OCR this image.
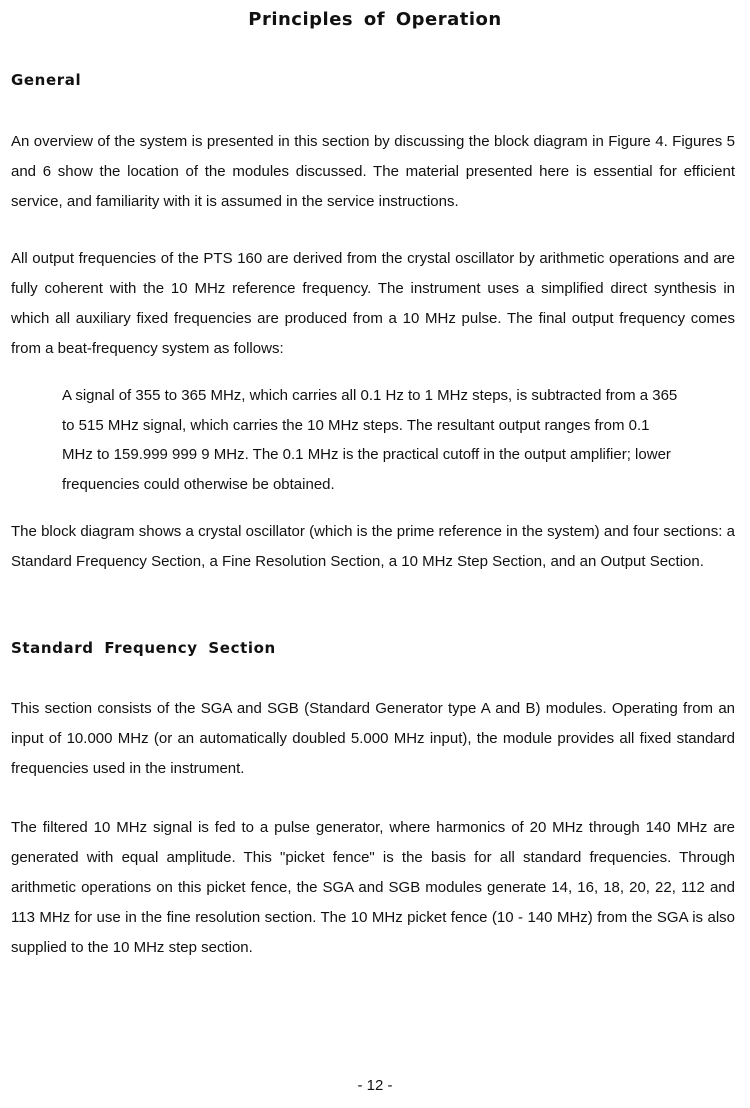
Principles of Operation
General

An overview of the system is presented in this section by discussing the block diagram in Figure 4. Figures 5 and 6 show the location of the modules discussed. The material presented here is essential for efficient service, and familiarity with it is assumed in the service instructions.

All output frequencies of the PTS 160 are derived from the crystal oscillator by arithmetic operations and are fully coherent with the 10 MHz reference frequency. The instrument uses a simplified direct synthesis in which all auxiliary fixed frequencies are produced from a 10 MHz pulse. The final output frequency comes from a beat-frequency system as follows:

A signal of 355 to 365 MHz, which carries all 0.1 Hz to 1 MHz steps, is subtracted from a 365 to 515 MHz signal, which carries the 10 MHz steps. The resultant output ranges from 0.1 MHz to 159.999 999 9 MHz. The 0.1 MHz is the practical cutoff in the output amplifier; lower frequencies could otherwise be obtained.

The block diagram shows a crystal oscillator (which is the prime reference in the system) and four sections: a Standard Frequency Section, a Fine Resolution Section, a 10 MHz Step Section, and an Output Section.

Standard Frequency Section

This section consists of the SGA and SGB (Standard Generator type A and B) modules. Operating from an input of 10.000 MHz (or an automatically doubled 5.000 MHz input), the module provides all fixed standard frequencies used in the instrument.

The filtered 10 MHz signal is fed to a pulse generator, where harmonics of 20 MHz through 140 MHz are generated with equal amplitude. This "picket fence" is the basis for all standard frequencies. Through arithmetic operations on this picket fence, the SGA and SGB modules generate 14, 16, 18, 20, 22, 112 and 113 MHz for use in the fine resolution section. The 10 MHz picket fence (10 - 140 MHz) from the SGA is also supplied to the 10 MHz step section.

- 12 -
